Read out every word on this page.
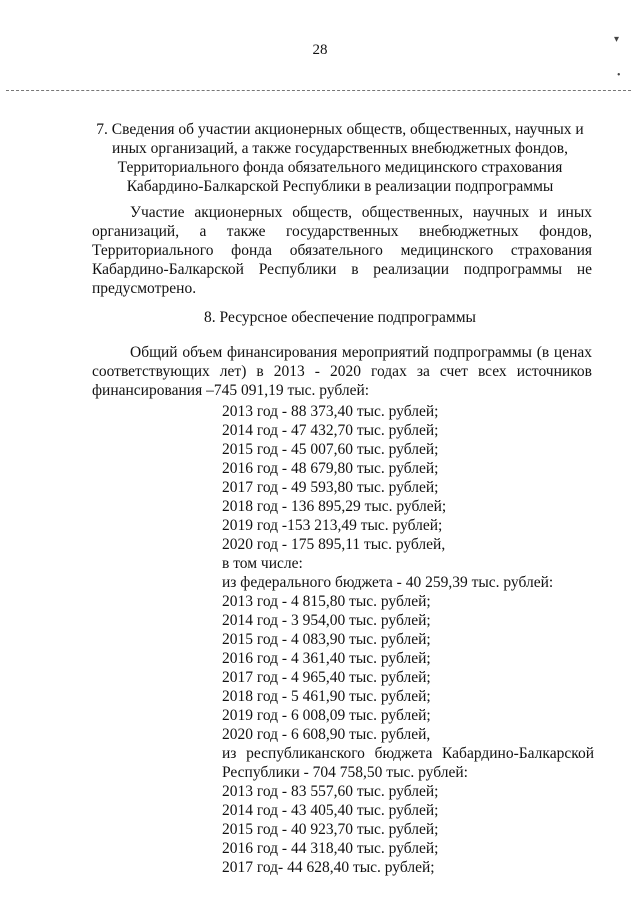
28
▾
•
7. Сведения об участии акционерных обществ, общественных, научных и
иных организаций, а также государственных внебюджетных фондов,
Территориального фонда обязательного медицинского страхования
Кабардино-Балкарской Республики в реализации подпрограммы
Участие акционерных обществ, общественных, научных и иных
организаций, а также государственных внебюджетных фондов,
Территориального фонда обязательного медицинского страхования
Кабардино-Балкарской Республики в реализации подпрограммы не
предусмотрено.
8. Ресурсное обеспечение подпрограммы
Общий объем финансирования мероприятий подпрограммы (в ценах
соответствующих лет) в 2013 - 2020 годах за счет всех источников
финансирования –745 091,19 тыс. рублей:
2013 год - 88 373,40 тыс. рублей;
2014 год - 47 432,70 тыс. рублей;
2015 год - 45 007,60 тыс. рублей;
2016 год - 48 679,80 тыс. рублей;
2017 год - 49 593,80 тыс. рублей;
2018 год - 136 895,29 тыс. рублей;
2019 год -153 213,49 тыс. рублей;
2020 год - 175 895,11 тыс. рублей,
в том числе:
из федерального бюджета - 40 259,39 тыс. рублей:
2013 год - 4 815,80 тыс. рублей;
2014 год - 3 954,00 тыс. рублей;
2015 год - 4 083,90 тыс. рублей;
2016 год - 4 361,40 тыс. рублей;
2017 год - 4 965,40 тыс. рублей;
2018 год - 5 461,90 тыс. рублей;
2019 год - 6 008,09 тыс. рублей;
2020 год - 6 608,90 тыс. рублей,
из республиканского бюджета Кабардино-Балкарской
Республики - 704 758,50 тыс. рублей:
2013 год - 83 557,60 тыс. рублей;
2014 год - 43 405,40 тыс. рублей;
2015 год - 40 923,70 тыс. рублей;
2016 год - 44 318,40 тыс. рублей;
2017 год- 44 628,40 тыс. рублей;
